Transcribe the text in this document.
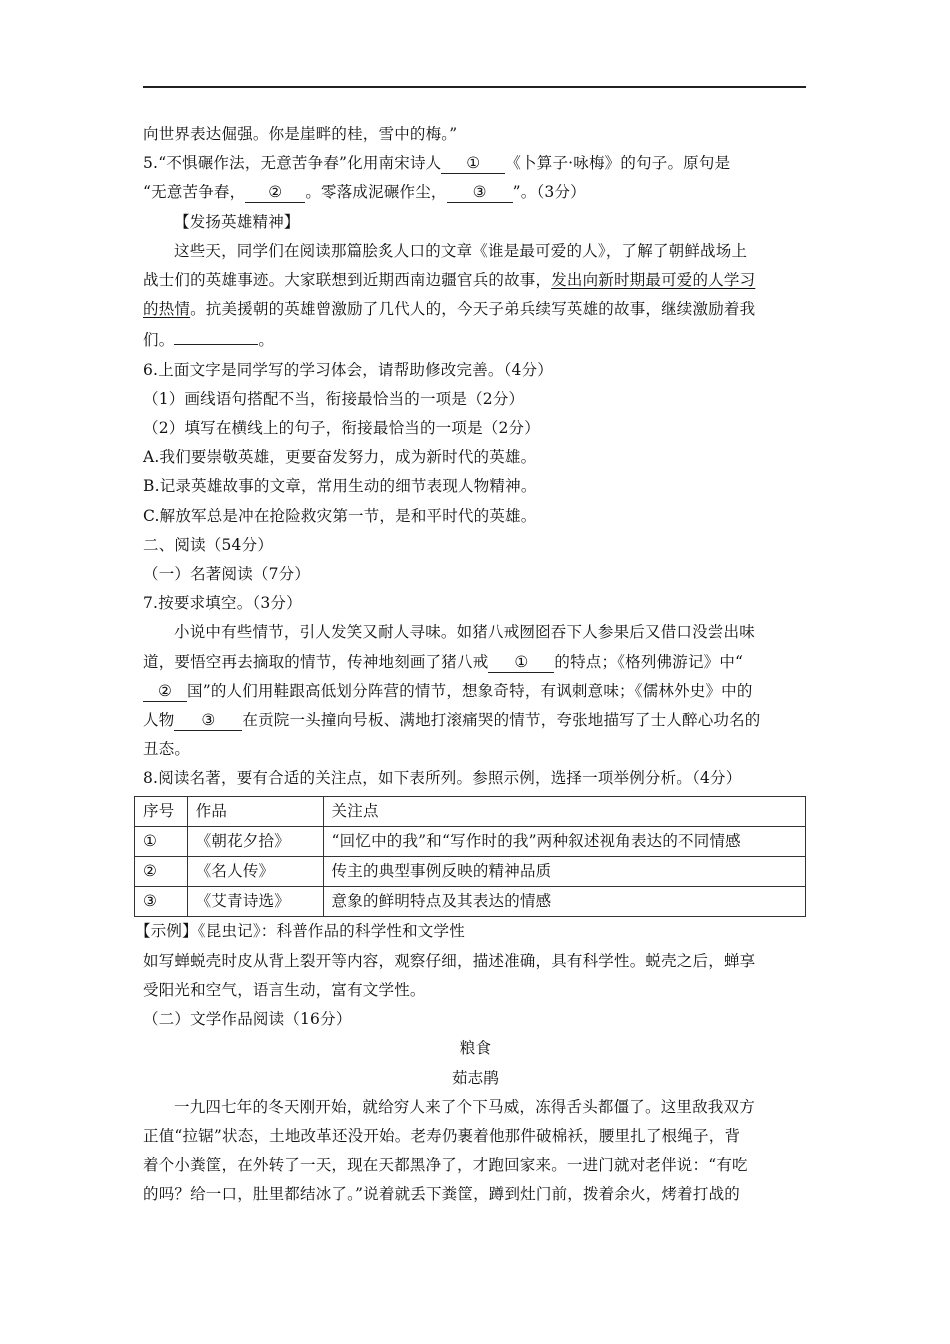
向世界表达倔强。你是崖畔的桂，雪中的梅。”

5.“不惧碾作法，无意苦争春”化用南宋诗人 ① 《卜算子·咏梅》的句子。原句是

“无意苦争春， ② 。零落成泥碾作尘， ③ ”。（3分）

【发扬英雄精神】

这些天，同学们在阅读那篇脍炙人口的文章《谁是最可爱的人》，了解了朝鲜战场上

战士们的英雄事迹。大家联想到近期西南边疆官兵的故事，发出向新时期最可爱的人学习

的热情。抗美援朝的英雄曾激励了几代人的，今天子弟兵续写英雄的故事，继续激励着我

们。	。

6.上面文字是同学写的学习体会，请帮助修改完善。（4分）

（1）画线语句搭配不当，衔接最恰当的一项是（2分）

（2）填写在横线上的句子，衔接最恰当的一项是（2分）

A.我们要崇敬英雄，更要奋发努力，成为新时代的英雄。

B.记录英雄故事的文章，常用生动的细节表现人物精神。

C.解放军总是冲在抢险救灾第一节，是和平时代的英雄。

二、阅读（54分）

（一）名著阅读（7分）

7.按要求填空。（3分）

小说中有些情节，引人发笑又耐人寻味。如猪八戒囫囵吞下人参果后又借口没尝出味

道，要悟空再去摘取的情节，传神地刻画了猪八戒 ① 的特点；《格列佛游记》中“

② 国”的人们用鞋跟高低划分阵营的情节，想象奇特，有讽刺意味；《儒林外史》中的

人物 ③ 在贡院一头撞向号板、满地打滚痛哭的情节，夸张地描写了士人醉心功名的

丑态。

8.阅读名著，要有合适的关注点，如下表所列。参照示例，选择一项举例分析。（4分）

序号	作品	关注点
①	《朝花夕拾》	“回忆中的我”和“写作时的我”两种叙述视角表达的不同情感
②	《名人传》	传主的典型事例反映的精神品质
③	《艾青诗选》	意象的鲜明特点及其表达的情感

【示例】《昆虫记》：科普作品的科学性和文学性

如写蝉蜕壳时皮从背上裂开等内容，观察仔细，描述准确，具有科学性。蜕壳之后，蝉享

受阳光和空气，语言生动，富有文学性。

（二）文学作品阅读（16分）

粮食

茹志鹃

一九四七年的冬天刚开始，就给穷人来了个下马威，冻得舌头都僵了。这里敌我双方

正值“拉锯”状态，土地改革还没开始。老寿仍裹着他那件破棉袄，腰里扎了根绳子，背

着个小粪筐，在外转了一天，现在天都黑净了，才跑回家来。一进门就对老伴说：“有吃

的吗？给一口，肚里都结冰了。”说着就丢下粪筐，蹲到灶门前，拨着余火，烤着打战的
